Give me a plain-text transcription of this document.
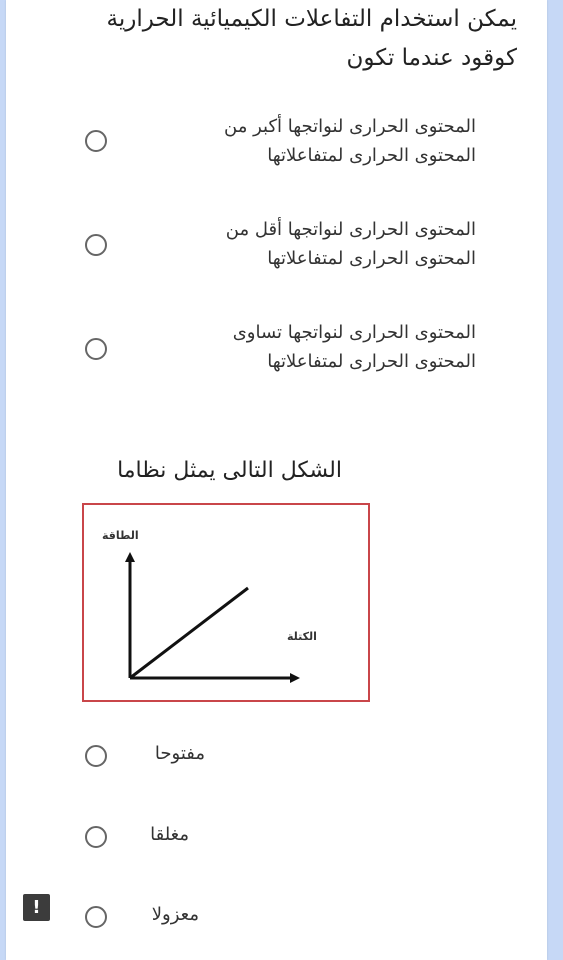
يمكن استخدام التفاعلات الكيميائية الحرارية كوقود عندما تكون
المحتوى الحرارى لنواتجها أكبر من
المحتوى الحرارى لمتفاعلاتها
المحتوى الحرارى لنواتجها أقل من
المحتوى الحرارى لمتفاعلاتها
المحتوى الحرارى لنواتجها تساوى
المحتوى الحرارى لمتفاعلاتها
الشكل التالى يمثل نظاما
الطاقة
الكتلة
مفتوحا
مغلقا
معزولا
!
